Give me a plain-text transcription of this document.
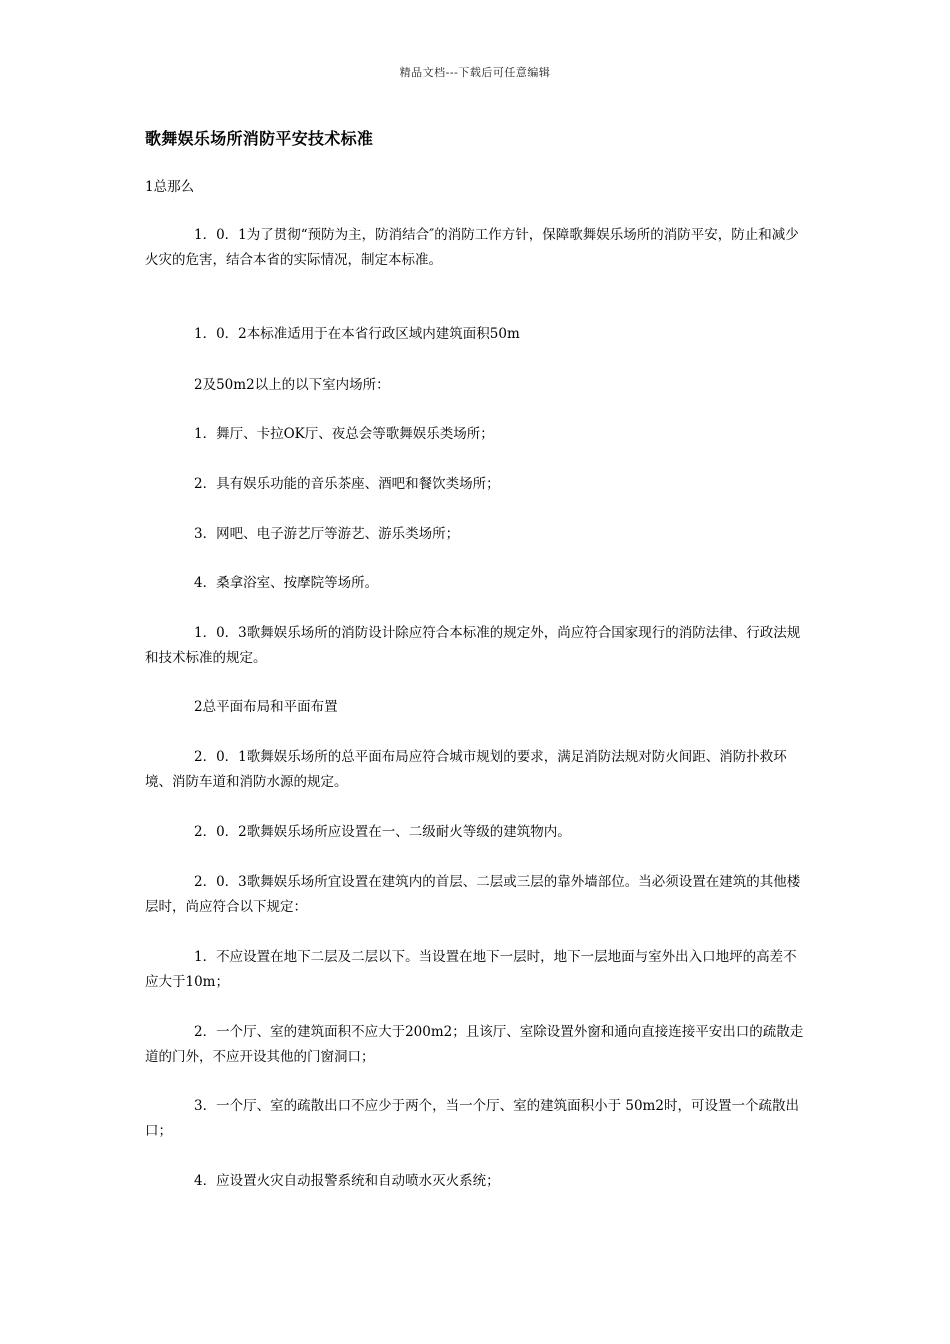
精品文档---下载后可任意编辑
歌舞娱乐场所消防平安技术标准

1总那么

1．0．1为了贯彻“预防为主，防消结合″的消防工作方针，保障歌舞娱乐场所的消防平安，防止和减少火灾的危害，结合本省的实际情况，制定本标准。

1．0．2本标准适用于在本省行政区域内建筑面积50m

2及50m2以上的以下室内场所：

1．舞厅、卡拉OK厅、夜总会等歌舞娱乐类场所；

2．具有娱乐功能的音乐茶座、酒吧和餐饮类场所；

3．网吧、电子游艺厅等游艺、游乐类场所；

4．桑拿浴室、按摩院等场所。

1．0．3歌舞娱乐场所的消防设计除应符合本标准的规定外，尚应符合国家现行的消防法律、行政法规和技术标准的规定。

2总平面布局和平面布置

2．0．1歌舞娱乐场所的总平面布局应符合城市规划的要求，满足消防法规对防火间距、消防扑救环境、消防车道和消防水源的规定。

2．0．2歌舞娱乐场所应设置在一、二级耐火等级的建筑物内。

2．0．3歌舞娱乐场所宜设置在建筑内的首层、二层或三层的靠外墙部位。当必须设置在建筑的其他楼层时，尚应符合以下规定：

1．不应设置在地下二层及二层以下。当设置在地下一层时，地下一层地面与室外出入口地坪的高差不应大于10m；

2．一个厅、室的建筑面积不应大于200m2；且该厅、室除设置外窗和通向直接连接平安出口的疏散走道的门外，不应开设其他的门窗洞口；

3．一个厅、室的疏散出口不应少于两个，当一个厅、室的建筑面积小于 50m2时，可设置一个疏散出口；

4．应设置火灾自动报警系统和自动喷水灭火系统；
